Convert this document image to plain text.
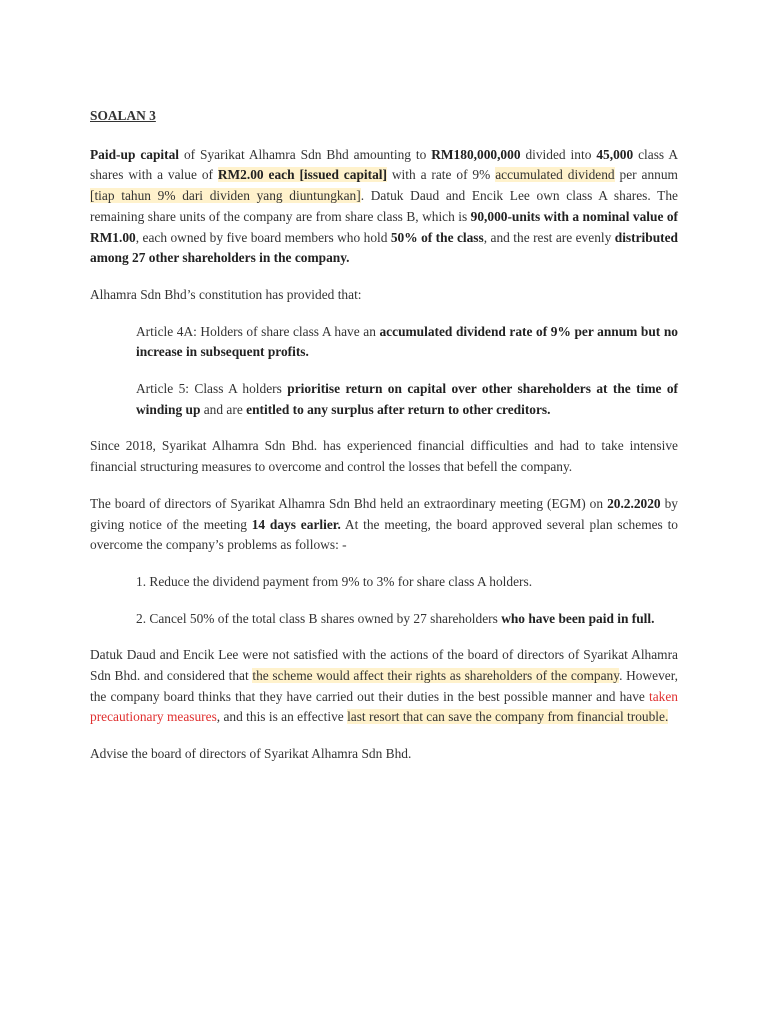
SOALAN 3

Paid-up capital of Syarikat Alhamra Sdn Bhd amounting to RM180,000,000 divided into 45,000 class A shares with a value of RM2.00 each [issued capital] with a rate of 9% accumulated dividend per annum [tiap tahun 9% dari dividen yang diuntungkan]. Datuk Daud and Encik Lee own class A shares. The remaining share units of the company are from share class B, which is 90,000-units with a nominal value of RM1.00, each owned by five board members who hold 50% of the class, and the rest are evenly distributed among 27 other shareholders in the company.

Alhamra Sdn Bhd’s constitution has provided that:

Article 4A: Holders of share class A have an accumulated dividend rate of 9% per annum but no increase in subsequent profits.

Article 5: Class A holders prioritise return on capital over other shareholders at the time of winding up and are entitled to any surplus after return to other creditors.

Since 2018, Syarikat Alhamra Sdn Bhd. has experienced financial difficulties and had to take intensive financial structuring measures to overcome and control the losses that befell the company.

The board of directors of Syarikat Alhamra Sdn Bhd held an extraordinary meeting (EGM) on 20.2.2020 by giving notice of the meeting 14 days earlier. At the meeting, the board approved several plan schemes to overcome the company’s problems as follows: -

1. Reduce the dividend payment from 9% to 3% for share class A holders.

2. Cancel 50% of the total class B shares owned by 27 shareholders who have been paid in full.

Datuk Daud and Encik Lee were not satisfied with the actions of the board of directors of Syarikat Alhamra Sdn Bhd. and considered that the scheme would affect their rights as shareholders of the company. However, the company board thinks that they have carried out their duties in the best possible manner and have taken precautionary measures, and this is an effective last resort that can save the company from financial trouble.

Advise the board of directors of Syarikat Alhamra Sdn Bhd.
